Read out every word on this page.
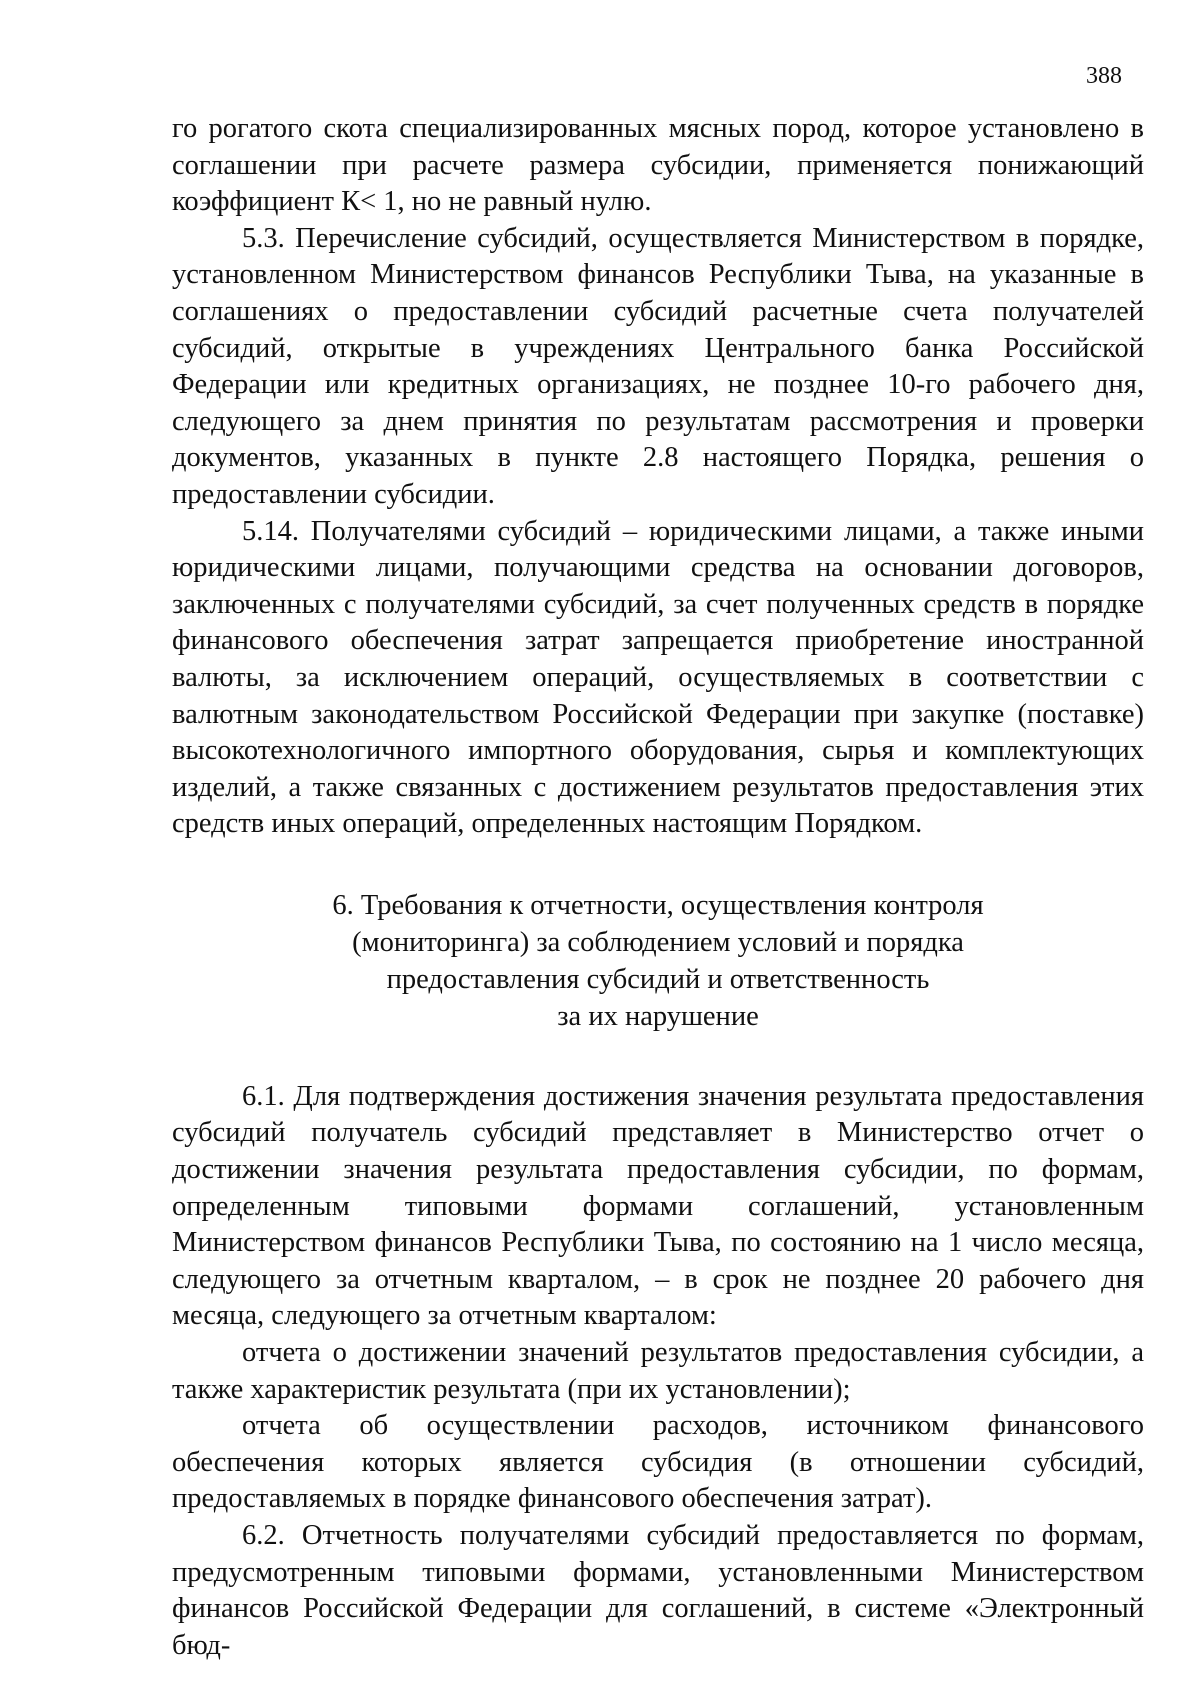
388

го рогатого скота специализированных мясных пород, которое установлено в соглашении при расчете размера субсидии, применяется понижающий коэффициент К< 1, но не равный нулю.

5.3. Перечисление субсидий, осуществляется Министерством в порядке, установленном Министерством финансов Республики Тыва, на указанные в соглашениях о предоставлении субсидий расчетные счета получателей субсидий, открытые в учреждениях Центрального банка Российской Федерации или кредитных организациях, не позднее 10-го рабочего дня, следующего за днем принятия по результатам рассмотрения и проверки документов, указанных в пункте 2.8 настоящего Порядка, решения о предоставлении субсидии.

5.14. Получателями субсидий – юридическими лицами, а также иными юридическими лицами, получающими средства на основании договоров, заключенных с получателями субсидий, за счет полученных средств в порядке финансового обеспечения затрат запрещается приобретение иностранной валюты, за исключением операций, осуществляемых в соответствии с валютным законодательством Российской Федерации при закупке (поставке) высокотехнологичного импортного оборудования, сырья и комплектующих изделий, а также связанных с достижением результатов предоставления этих средств иных операций, определенных настоящим Порядком.

6. Требования к отчетности, осуществления контроля
(мониторинга) за соблюдением условий и порядка
предоставления субсидий и ответственность
за их нарушение

6.1. Для подтверждения достижения значения результата предоставления субсидий получатель субсидий представляет в Министерство отчет о достижении значения результата предоставления субсидии, по формам, определенным типовыми формами соглашений, установленным Министерством финансов Республики Тыва, по состоянию на 1 число месяца, следующего за отчетным кварталом, – в срок не позднее 20 рабочего дня месяца, следующего за отчетным кварталом:

отчета о достижении значений результатов предоставления субсидии, а также характеристик результата (при их установлении);

отчета об осуществлении расходов, источником финансового обеспечения которых является субсидия (в отношении субсидий, предоставляемых в порядке финансового обеспечения затрат).

6.2. Отчетность получателями субсидий предоставляется по формам, предусмотренным типовыми формами, установленными Министерством финансов Российской Федерации для соглашений, в системе «Электронный бюд-
